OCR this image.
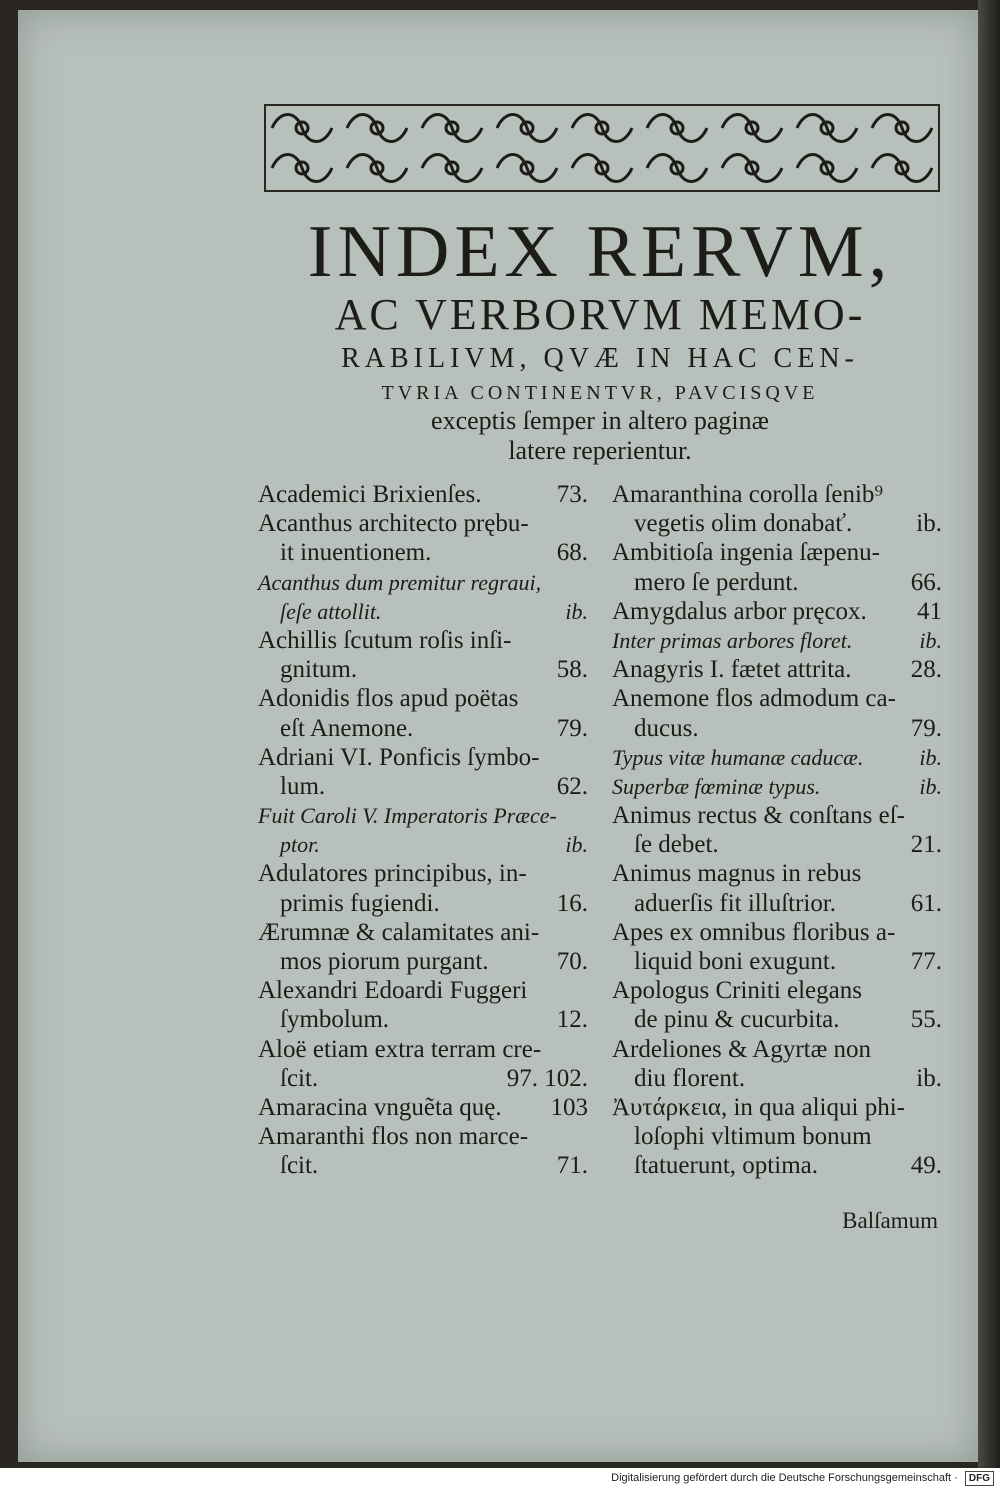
INDEX RERVM,
AC VERBORVM MEMO-
RABILIVM, QVÆ IN HAC CEN-
TVRIA CONTINENTVR, PAVCISQVE
exceptis ſemper in altero paginæ
latere reperientur.
Academici Brixienſes.	73.
Acanthus architecto prębu-
it inuentionem.	68.
Acanthus dum premitur regraui,
ſeſe attollit.	ib.
Achillis ſcutum roſis inſi-
gnitum.	58.
Adonidis flos apud poëtas
eſt Anemone.	79.
Adriani VI. Ponficis ſymbo-
lum.	62.
Fuit Caroli V. Imperatoris Præce-
ptor.	ib.
Adulatores principibus, in-
primis fugiendi.	16.
Ærumnæ & calamitates ani-
mos piorum purgant.	70.
Alexandri Edoardi Fuggeri
ſymbolum.	12.
Aloë etiam extra terram cre-
ſcit.	97. 102.
Amaracina vnguẽta quę. 103
Amaranthi flos non marce-
ſcit.	71.
Amaranthina corolla ſenib⁹
vegetis olim donabať.	ib.
Ambitioſa ingenia ſæpenu-
mero ſe perdunt.	66.
Amygdalus arbor pręcox. 41
Inter primas arbores floret.	ib.
Anagyris I. fætet attrita. 28.
Anemone flos admodum ca-
ducus.	79.
Typus vitæ humanæ caducæ.	ib.
Superbæ fœminæ typus.	ib.
Animus rectus & conſtans eſ-
ſe debet.	21.
Animus magnus in rebus
aduerſis fit illuſtrior.	61.
Apes ex omnibus floribus a-
liquid boni exugunt.	77.
Apologus Criniti elegans
de pinu & cucurbita.	55.
Ardeliones & Agyrtæ non
diu florent.	ib.
Ἀυτάρκεια, in qua aliqui phi-
loſophi vltimum bonum
ſtatuerunt, optima.	49.
Balſamum
Digitalisierung gefördert durch die Deutsche Forschungsgemeinschaft · DFG
